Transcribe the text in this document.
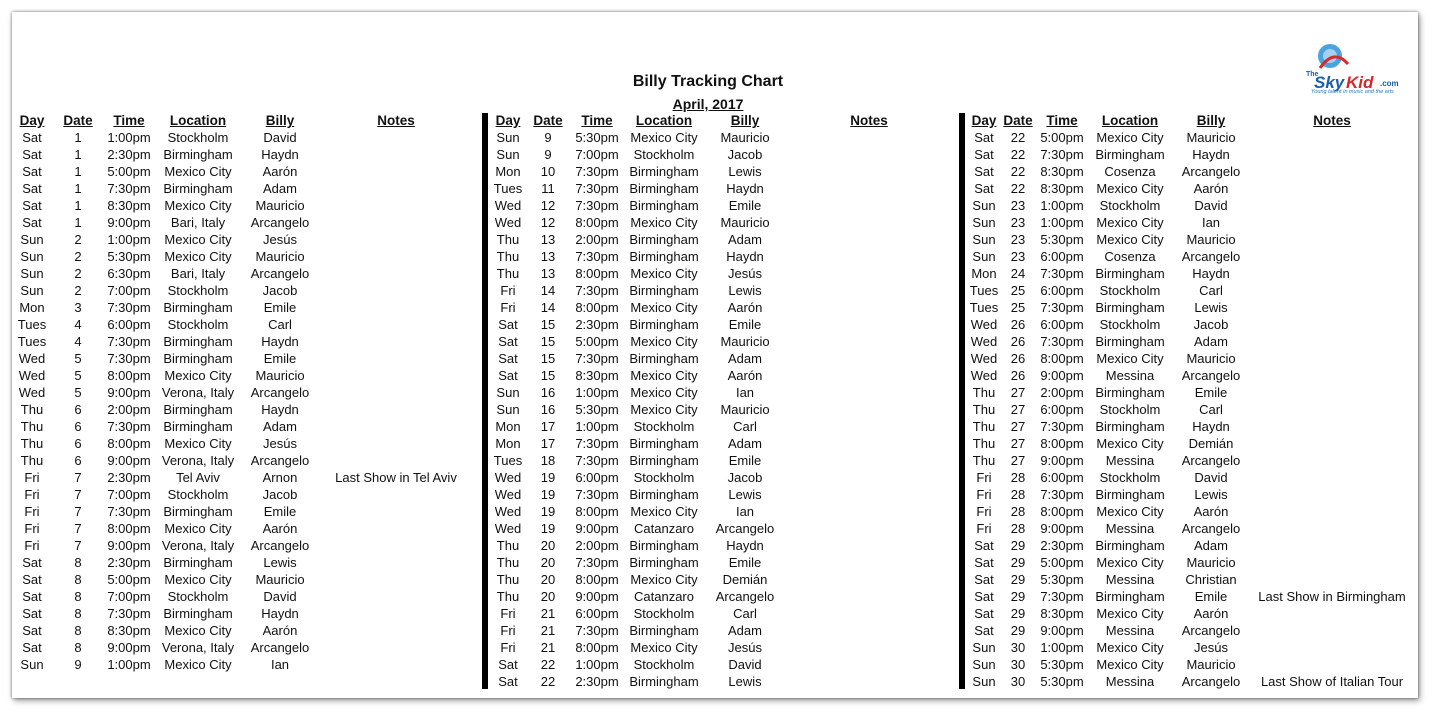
Billy Tracking Chart
April, 2017
The
Sky Kid .com
Young talent in music and the arts
Day	Date	Time	Location	Billy	Notes
Sat	1	1:00pm	Stockholm	David	
Sat	1	2:30pm	Birmingham	Haydn	
Sat	1	5:00pm	Mexico City	Aarón	
Sat	1	7:30pm	Birmingham	Adam	
Sat	1	8:30pm	Mexico City	Mauricio	
Sat	1	9:00pm	Bari, Italy	Arcangelo	
Sun	2	1:00pm	Mexico City	Jesús	
Sun	2	5:30pm	Mexico City	Mauricio	
Sun	2	6:30pm	Bari, Italy	Arcangelo	
Sun	2	7:00pm	Stockholm	Jacob	
Mon	3	7:30pm	Birmingham	Emile	
Tues	4	6:00pm	Stockholm	Carl	
Tues	4	7:30pm	Birmingham	Haydn	
Wed	5	7:30pm	Birmingham	Emile	
Wed	5	8:00pm	Mexico City	Mauricio	
Wed	5	9:00pm	Verona, Italy	Arcangelo	
Thu	6	2:00pm	Birmingham	Haydn	
Thu	6	7:30pm	Birmingham	Adam	
Thu	6	8:00pm	Mexico City	Jesús	
Thu	6	9:00pm	Verona, Italy	Arcangelo	
Fri	7	2:30pm	Tel Aviv	Arnon	Last Show in Tel Aviv
Fri	7	7:00pm	Stockholm	Jacob	
Fri	7	7:30pm	Birmingham	Emile	
Fri	7	8:00pm	Mexico City	Aarón	
Fri	7	9:00pm	Verona, Italy	Arcangelo	
Sat	8	2:30pm	Birmingham	Lewis	
Sat	8	5:00pm	Mexico City	Mauricio	
Sat	8	7:00pm	Stockholm	David	
Sat	8	7:30pm	Birmingham	Haydn	
Sat	8	8:30pm	Mexico City	Aarón	
Sat	8	9:00pm	Verona, Italy	Arcangelo	
Sun	9	1:00pm	Mexico City	Ian	
Day	Date	Time	Location	Billy	Notes
Sun	9	5:30pm	Mexico City	Mauricio	
Sun	9	7:00pm	Stockholm	Jacob	
Mon	10	7:30pm	Birmingham	Lewis	
Tues	11	7:30pm	Birmingham	Haydn	
Wed	12	7:30pm	Birmingham	Emile	
Wed	12	8:00pm	Mexico City	Mauricio	
Thu	13	2:00pm	Birmingham	Adam	
Thu	13	7:30pm	Birmingham	Haydn	
Thu	13	8:00pm	Mexico City	Jesús	
Fri	14	7:30pm	Birmingham	Lewis	
Fri	14	8:00pm	Mexico City	Aarón	
Sat	15	2:30pm	Birmingham	Emile	
Sat	15	5:00pm	Mexico City	Mauricio	
Sat	15	7:30pm	Birmingham	Adam	
Sat	15	8:30pm	Mexico City	Aarón	
Sun	16	1:00pm	Mexico City	Ian	
Sun	16	5:30pm	Mexico City	Mauricio	
Mon	17	1:00pm	Stockholm	Carl	
Mon	17	7:30pm	Birmingham	Adam	
Tues	18	7:30pm	Birmingham	Emile	
Wed	19	6:00pm	Stockholm	Jacob	
Wed	19	7:30pm	Birmingham	Lewis	
Wed	19	8:00pm	Mexico City	Ian	
Wed	19	9:00pm	Catanzaro	Arcangelo	
Thu	20	2:00pm	Birmingham	Haydn	
Thu	20	7:30pm	Birmingham	Emile	
Thu	20	8:00pm	Mexico City	Demián	
Thu	20	9:00pm	Catanzaro	Arcangelo	
Fri	21	6:00pm	Stockholm	Carl	
Fri	21	7:30pm	Birmingham	Adam	
Fri	21	8:00pm	Mexico City	Jesús	
Sat	22	1:00pm	Stockholm	David	
Sat	22	2:30pm	Birmingham	Lewis	
Day	Date	Time	Location	Billy	Notes
Sat	22	5:00pm	Mexico City	Mauricio	
Sat	22	7:30pm	Birmingham	Haydn	
Sat	22	8:30pm	Cosenza	Arcangelo	
Sat	22	8:30pm	Mexico City	Aarón	
Sun	23	1:00pm	Stockholm	David	
Sun	23	1:00pm	Mexico City	Ian	
Sun	23	5:30pm	Mexico City	Mauricio	
Sun	23	6:00pm	Cosenza	Arcangelo	
Mon	24	7:30pm	Birmingham	Haydn	
Tues	25	6:00pm	Stockholm	Carl	
Tues	25	7:30pm	Birmingham	Lewis	
Wed	26	6:00pm	Stockholm	Jacob	
Wed	26	7:30pm	Birmingham	Adam	
Wed	26	8:00pm	Mexico City	Mauricio	
Wed	26	9:00pm	Messina	Arcangelo	
Thu	27	2:00pm	Birmingham	Emile	
Thu	27	6:00pm	Stockholm	Carl	
Thu	27	7:30pm	Birmingham	Haydn	
Thu	27	8:00pm	Mexico City	Demián	
Thu	27	9:00pm	Messina	Arcangelo	
Fri	28	6:00pm	Stockholm	David	
Fri	28	7:30pm	Birmingham	Lewis	
Fri	28	8:00pm	Mexico City	Aarón	
Fri	28	9:00pm	Messina	Arcangelo	
Sat	29	2:30pm	Birmingham	Adam	
Sat	29	5:00pm	Mexico City	Mauricio	
Sat	29	5:30pm	Messina	Christian	
Sat	29	7:30pm	Birmingham	Emile	Last Show in Birmingham
Sat	29	8:30pm	Mexico City	Aarón	
Sat	29	9:00pm	Messina	Arcangelo	
Sun	30	1:00pm	Mexico City	Jesús	
Sun	30	5:30pm	Mexico City	Mauricio	
Sun	30	5:30pm	Messina	Arcangelo	Last Show of Italian Tour
